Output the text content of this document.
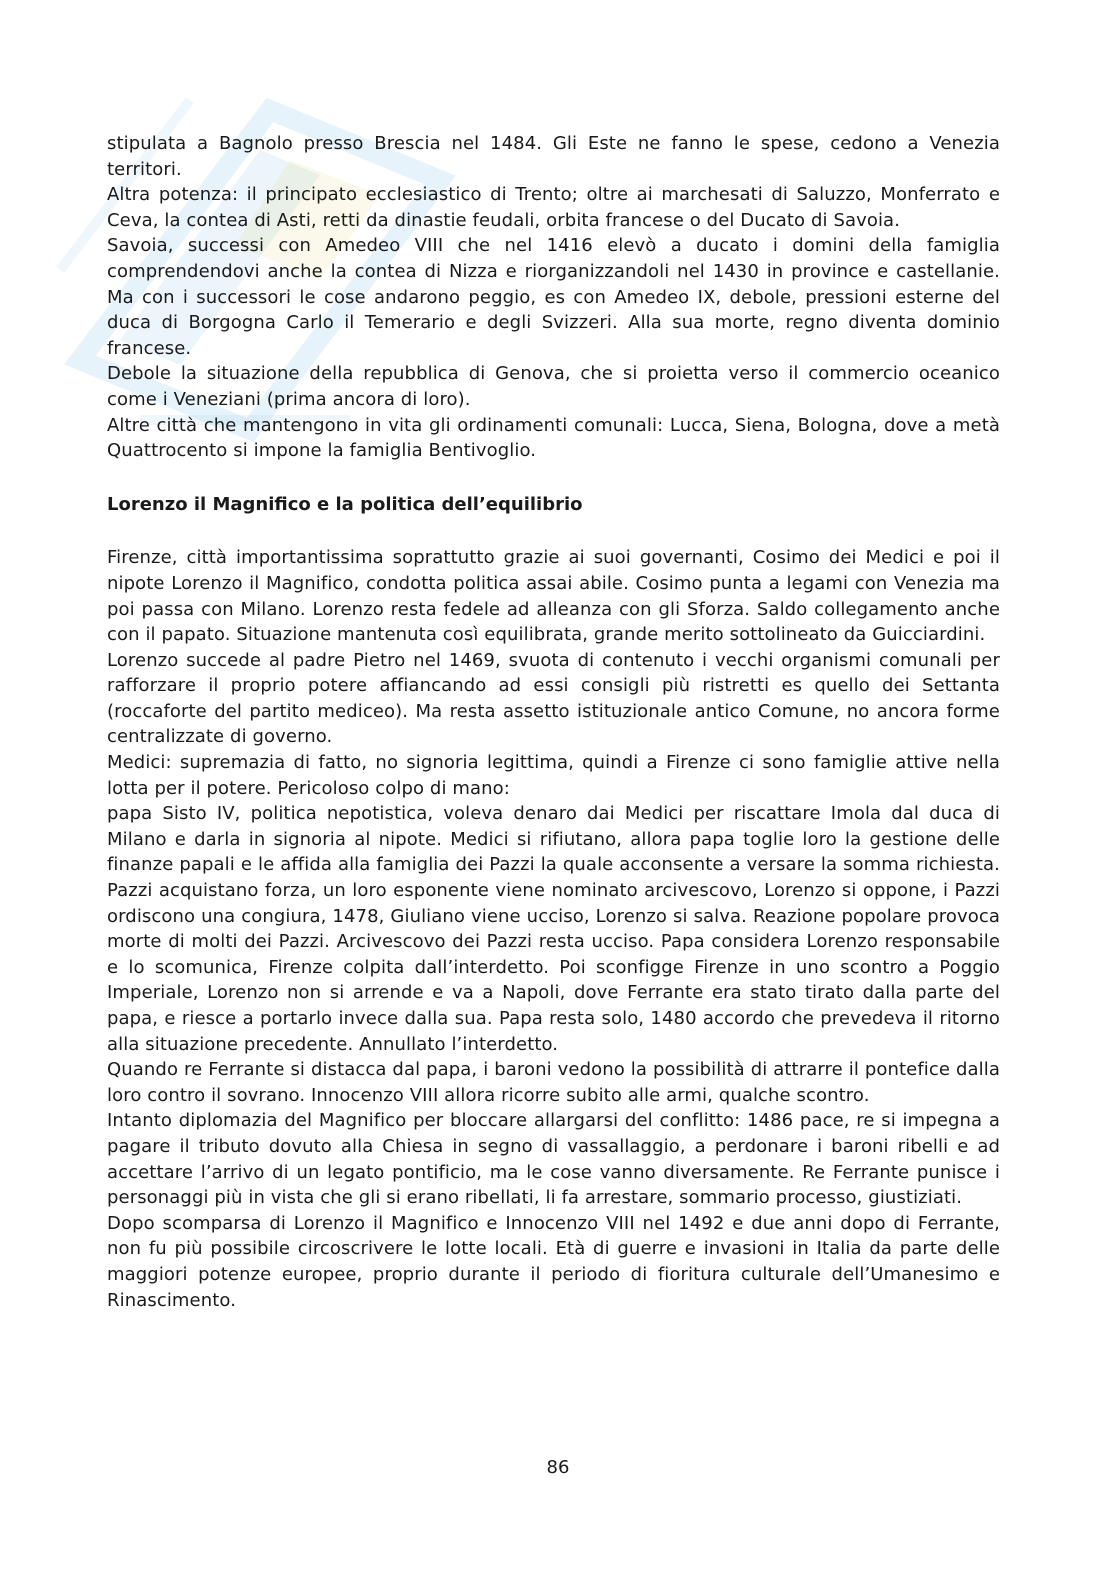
stipulata a Bagnolo presso Brescia nel 1484. Gli Este ne fanno le spese, cedono a Venezia territori.

Altra potenza: il principato ecclesiastico di Trento; oltre ai marchesati di Saluzzo, Monferrato e Ceva, la contea di Asti, retti da dinastie feudali, orbita francese o del Ducato di Savoia.

Savoia, successi con Amedeo VIII che nel 1416 elevò a ducato i domini della famiglia comprendendovi anche la contea di Nizza e riorganizzandoli nel 1430 in province e castellanie. Ma con i successori le cose andarono peggio, es con Amedeo IX, debole, pressioni esterne del duca di Borgogna Carlo il Temerario e degli Svizzeri. Alla sua morte, regno diventa dominio francese.

Debole la situazione della repubblica di Genova, che si proietta verso il commercio oceanico come i Veneziani (prima ancora di loro).

Altre città che mantengono in vita gli ordinamenti comunali: Lucca, Siena, Bologna, dove a metà Quattrocento si impone la famiglia Bentivoglio.

Lorenzo il Magnifico e la politica dell’equilibrio

Firenze, città importantissima soprattutto grazie ai suoi governanti, Cosimo dei Medici e poi il nipote Lorenzo il Magnifico, condotta politica assai abile. Cosimo punta a legami con Venezia ma poi passa con Milano. Lorenzo resta fedele ad alleanza con gli Sforza. Saldo collegamento anche con il papato. Situazione mantenuta così equilibrata, grande merito sottolineato da Guicciardini.

Lorenzo succede al padre Pietro nel 1469, svuota di contenuto i vecchi organismi comunali per rafforzare il proprio potere affiancando ad essi consigli più ristretti es quello dei Settanta (roccaforte del partito mediceo). Ma resta assetto istituzionale antico Comune, no ancora forme centralizzate di governo.

Medici: supremazia di fatto, no signoria legittima, quindi a Firenze ci sono famiglie attive nella lotta per il potere. Pericoloso colpo di mano:

papa Sisto IV, politica nepotistica, voleva denaro dai Medici per riscattare Imola dal duca di Milano e darla in signoria al nipote. Medici si rifiutano, allora papa toglie loro la gestione delle finanze papali e le affida alla famiglia dei Pazzi la quale acconsente a versare la somma richiesta. Pazzi acquistano forza, un loro esponente viene nominato arcivescovo, Lorenzo si oppone, i Pazzi ordiscono una congiura, 1478, Giuliano viene ucciso, Lorenzo si salva. Reazione popolare provoca morte di molti dei Pazzi. Arcivescovo dei Pazzi resta ucciso. Papa considera Lorenzo responsabile e lo scomunica, Firenze colpita dall’interdetto. Poi sconfigge Firenze in uno scontro a Poggio Imperiale, Lorenzo non si arrende e va a Napoli, dove Ferrante era stato tirato dalla parte del papa, e riesce a portarlo invece dalla sua. Papa resta solo, 1480 accordo che prevedeva il ritorno alla situazione precedente. Annullato l’interdetto.

Quando re Ferrante si distacca dal papa, i baroni vedono la possibilità di attrarre il pontefice dalla loro contro il sovrano. Innocenzo VIII allora ricorre subito alle armi, qualche scontro.

Intanto diplomazia del Magnifico per bloccare allargarsi del conflitto: 1486 pace, re si impegna a pagare il tributo dovuto alla Chiesa in segno di vassallaggio, a perdonare i baroni ribelli e ad accettare l’arrivo di un legato pontificio, ma le cose vanno diversamente. Re Ferrante punisce i personaggi più in vista che gli si erano ribellati, li fa arrestare, sommario processo, giustiziati.

Dopo scomparsa di Lorenzo il Magnifico e Innocenzo VIII nel 1492 e due anni dopo di Ferrante, non fu più possibile circoscrivere le lotte locali. Età di guerre e invasioni in Italia da parte delle maggiori potenze europee, proprio durante il periodo di fioritura culturale dell’Umanesimo e Rinascimento.

86
